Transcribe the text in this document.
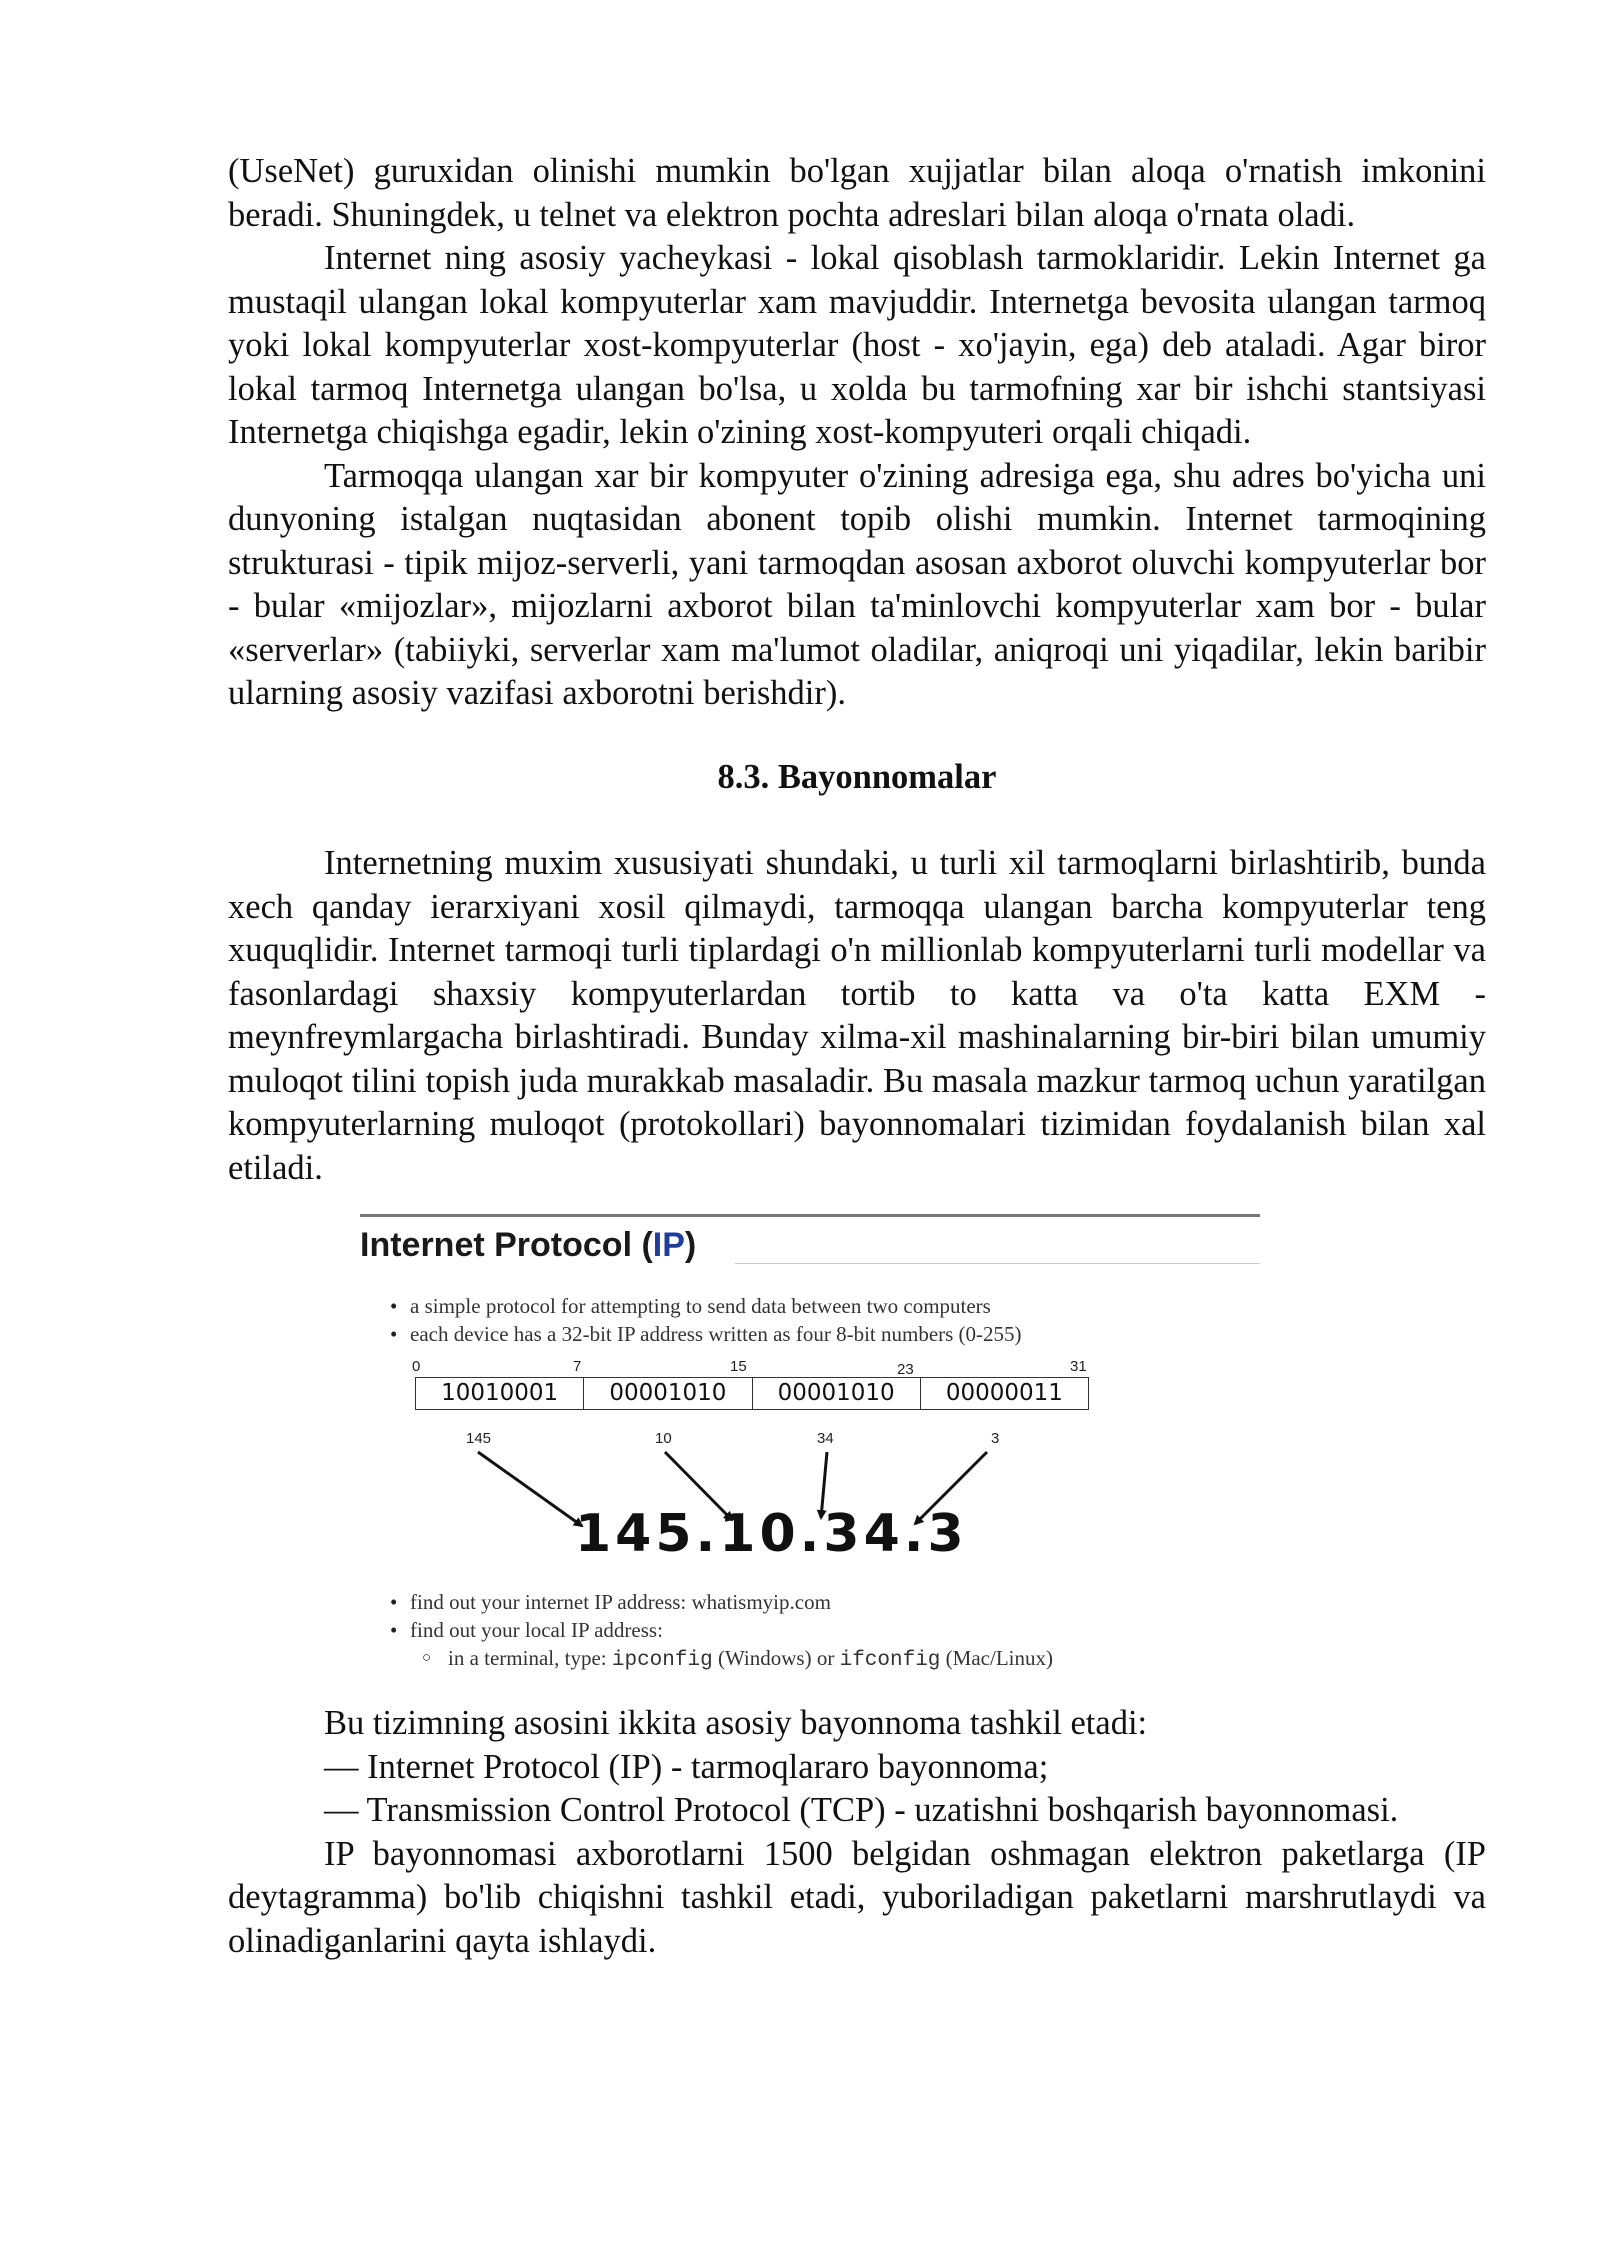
(UseNet) guruxidan olinishi mumkin bo'lgan xujjatlar bilan aloqa o'rnatish imkonini beradi. Shuningdek, u telnet va elektron pochta adreslari bilan aloqa o'rnata oladi.

Internet ning asosiy yacheykasi - lokal qisoblash tarmoklaridir. Lekin Internet ga mustaqil ulangan lokal kompyuterlar xam mavjuddir. Internetga bevosita ulangan tarmoq yoki lokal kompyuterlar xost-kompyuterlar (host - xo'jayin, ega) deb ataladi. Agar biror lokal tarmoq Internetga ulangan bo'lsa, u xolda bu tarmofning xar bir ishchi stantsiyasi Internetga chiqishga egadir, lekin o'zining xost-kompyuteri orqali chiqadi.

Tarmoqqa ulangan xar bir kompyuter o'zining adresiga ega, shu adres bo'yicha uni dunyoning istalgan nuqtasidan abonent topib olishi mumkin. Internet tarmoqining strukturasi - tipik mijoz-serverli, yani tarmoqdan asosan axborot oluvchi kompyuterlar bor - bular «mijozlar», mijozlarni axborot bilan ta'minlovchi kompyuterlar xam bor - bular «serverlar» (tabiiyki, serverlar xam ma'lumot oladilar, aniqroqi uni yiqadilar, lekin baribir ularning asosiy vazifasi axborotni berishdir).

8.3. Bayonnomalar

Internetning muxim xususiyati shundaki, u turli xil tarmoqlarni birlashtirib, bunda xech qanday ierarxiyani xosil qilmaydi, tarmoqqa ulangan barcha kompyuterlar teng xuquqlidir. Internet tarmoqi turli tiplardagi o'n millionlab kompyuterlarni turli modellar va fasonlardagi shaxsiy kompyuterlardan tortib to katta va o'ta katta EXM - meynfreymlargacha birlashtiradi. Bunday xilma-xil mashinalarning bir-biri bilan umumiy muloqot tilini topish juda murakkab masaladir. Bu masala mazkur tarmoq uchun yaratilgan kompyuterlarning muloqot (protokollari) bayonnomalari tizimidan foydalanish bilan xal etiladi.

Internet Protocol (IP)
• a simple protocol for attempting to send data between two computers
• each device has a 32-bit IP address written as four 8-bit numbers (0-255)
0	7	15	23	31
10010001	00001010	00001010	00000011
145	10	34	3
145.10.34.3
• find out your internet IP address: whatismyip.com
• find out your local IP address:
○ in a terminal, type: ipconfig (Windows) or ifconfig (Mac/Linux)

Bu tizimning asosini ikkita asosiy bayonnoma tashkil etadi:

— Internet Protocol (IP) - tarmoqlararo bayonnoma;

— Transmission Control Protocol (TCP) - uzatishni boshqarish bayonnomasi.

IP bayonnomasi axborotlarni 1500 belgidan oshmagan elektron paketlarga (IP deytagramma) bo'lib chiqishni tashkil etadi, yuboriladigan paketlarni marshrutlaydi va olinadiganlarini qayta ishlaydi.
